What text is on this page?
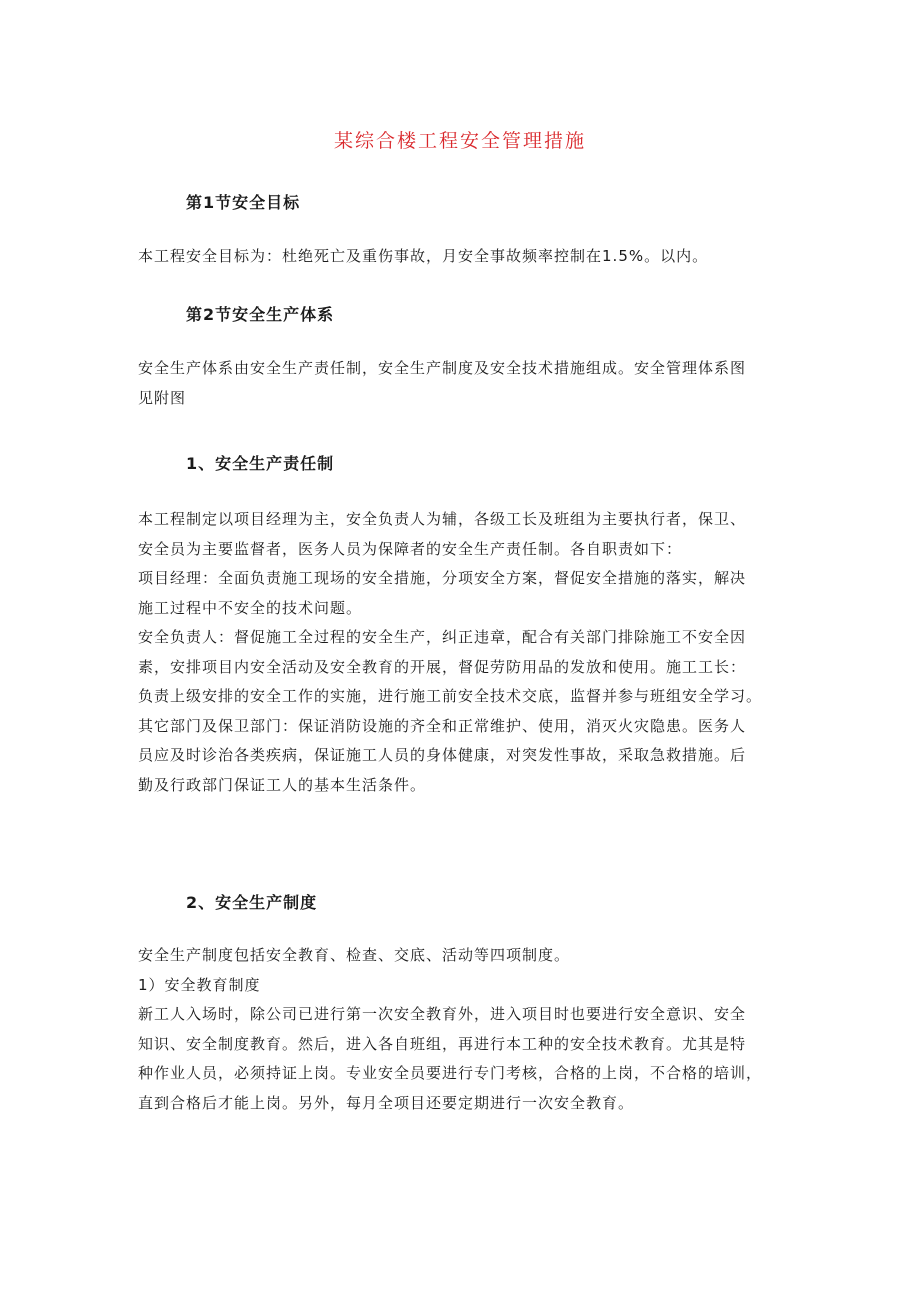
某综合楼工程安全管理措施
第1节安全目标
本工程安全目标为：杜绝死亡及重伤事故，月安全事故频率控制在1.5%。以内。
第2节安全生产体系
安全生产体系由安全生产责任制，安全生产制度及安全技术措施组成。安全管理体系图
见附图
1、安全生产责任制
本工程制定以项目经理为主，安全负责人为辅，各级工长及班组为主要执行者，保卫、
安全员为主要监督者，医务人员为保障者的安全生产责任制。各自职责如下：
项目经理：全面负责施工现场的安全措施，分项安全方案，督促安全措施的落实，解决
施工过程中不安全的技术问题。
安全负责人：督促施工全过程的安全生产，纠正违章，配合有关部门排除施工不安全因
素，安排项目内安全活动及安全教育的开展，督促劳防用品的发放和使用。施工工长：
负责上级安排的安全工作的实施，进行施工前安全技术交底，监督并参与班组安全学习。
其它部门及保卫部门：保证消防设施的齐全和正常维护、使用，消灭火灾隐患。医务人
员应及时诊治各类疾病，保证施工人员的身体健康，对突发性事故，采取急救措施。后
勤及行政部门保证工人的基本生活条件。
2、安全生产制度
安全生产制度包括安全教育、检查、交底、活动等四项制度。
1）安全教育制度
新工人入场时，除公司已进行第一次安全教育外，进入项目时也要进行安全意识、安全
知识、安全制度教育。然后，进入各自班组，再进行本工种的安全技术教育。尤其是特
种作业人员，必须持证上岗。专业安全员要进行专门考核，合格的上岗，不合格的培训，
直到合格后才能上岗。另外，每月全项目还要定期进行一次安全教育。
